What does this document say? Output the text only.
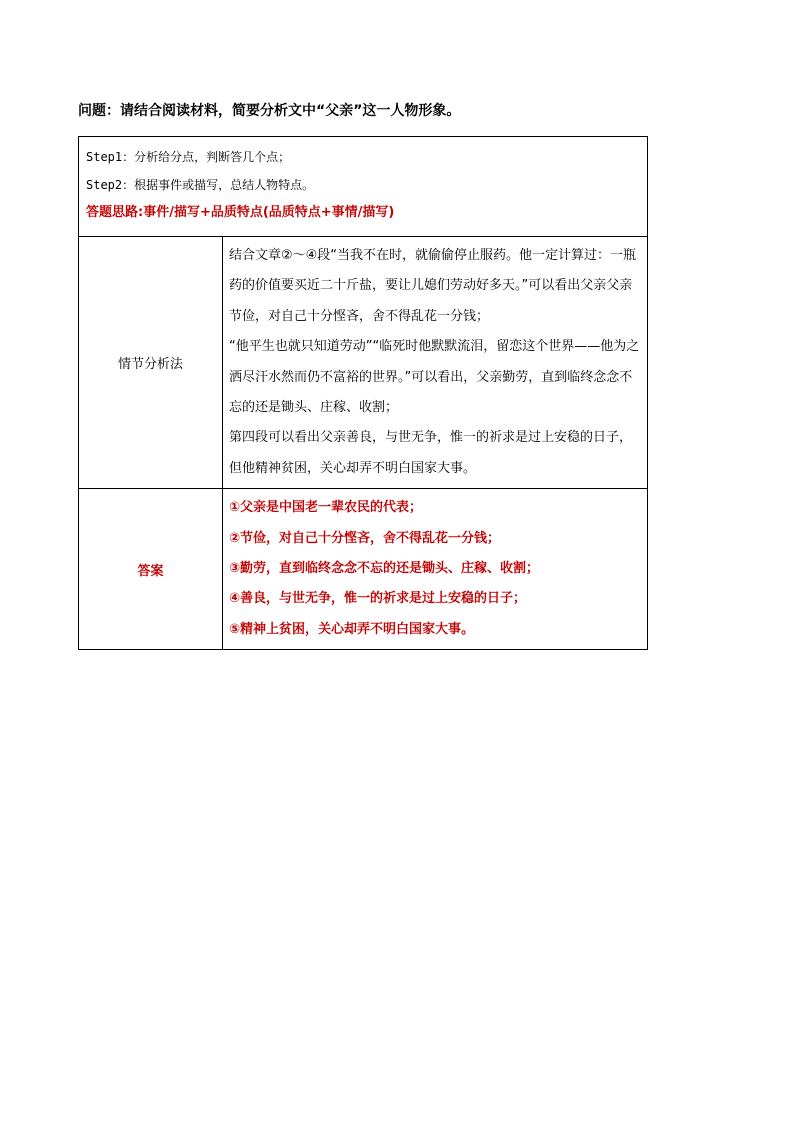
问题：请结合阅读材料，简要分析文中“父亲”这一人物形象。
Step1：分析给分点，判断答几个点；
Step2：根据事件或描写，总结人物特点。
答题思路:事件/描写+品质特点(品质特点+事情/描写)	

情节分析法	结合文章②～④段“当我不在时，就偷偷停止服药。他一定计算过：一瓶药的价值要买近二十斤盐，要让儿媳们劳动好多天。”可以看出父亲父亲节俭，对自己十分悭吝，舍不得乱花一分钱；
“他平生也就只知道劳动”“临死时他默默流泪，留恋这个世界——他为之洒尽汗水然而仍不富裕的世界。”可以看出，父亲勤劳，直到临终念念不忘的还是锄头、庄稼、收割；
第四段可以看出父亲善良，与世无争，惟一的祈求是过上安稳的日子，但他精神贫困，关心却弄不明白国家大事。

答案	①父亲是中国老一辈农民的代表；
②节俭，对自己十分悭吝，舍不得乱花一分钱；
③勤劳，直到临终念念不忘的还是锄头、庄稼、收割；
④善良，与世无争，惟一的祈求是过上安稳的日子；
⑤精神上贫困，关心却弄不明白国家大事。
